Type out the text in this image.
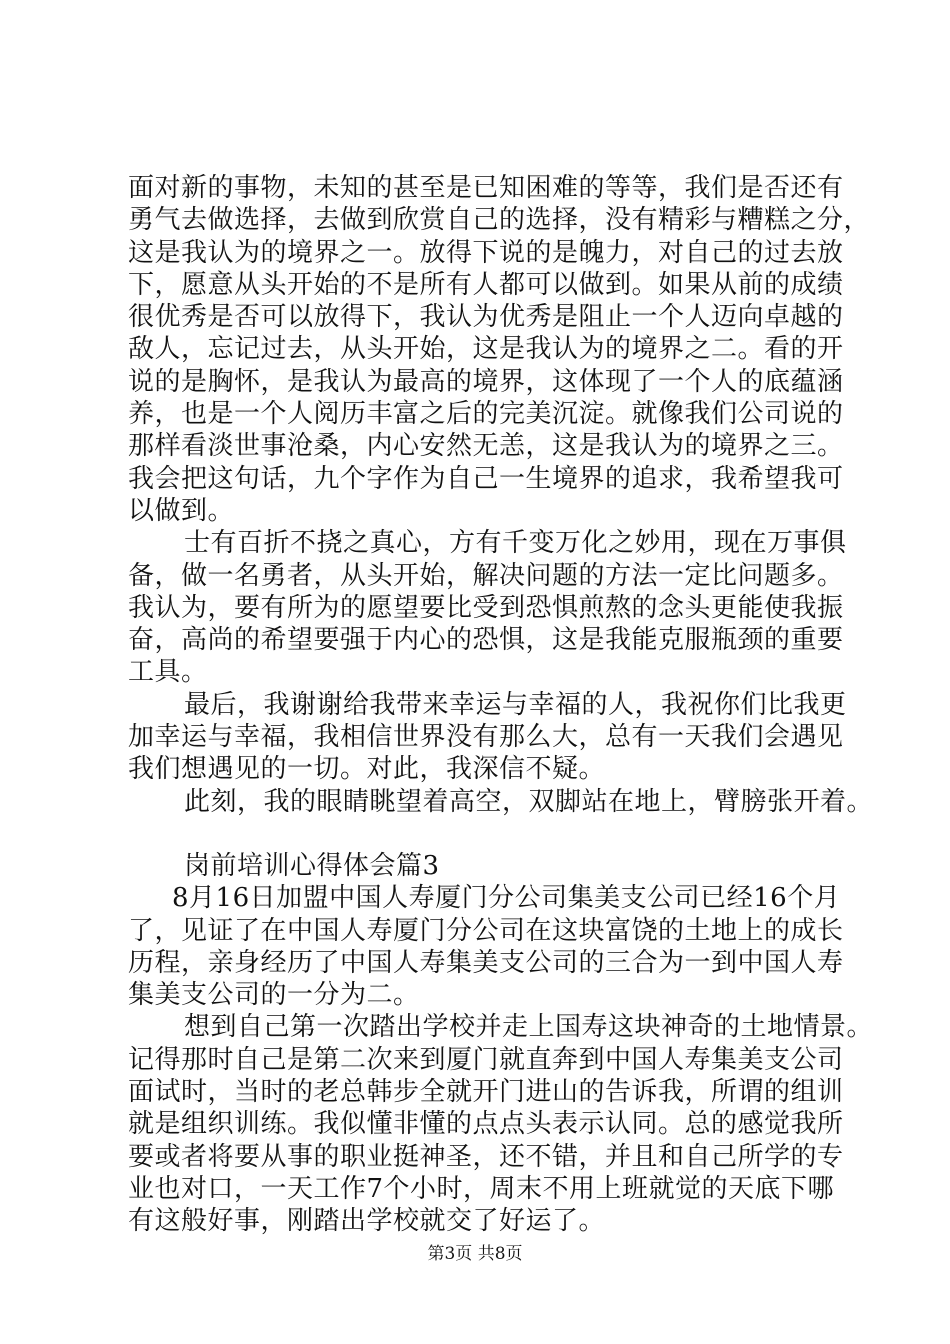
面对新的事物，未知的甚至是已知困难的等等，我们是否还有
勇气去做选择，去做到欣赏自己的选择，没有精彩与糟糕之分，
这是我认为的境界之一。放得下说的是魄力，对自己的过去放
下，愿意从头开始的不是所有人都可以做到。如果从前的成绩
很优秀是否可以放得下，我认为优秀是阻止一个人迈向卓越的
敌人，忘记过去，从头开始，这是我认为的境界之二。看的开
说的是胸怀，是我认为最高的境界，这体现了一个人的底蕴涵
养，也是一个人阅历丰富之后的完美沉淀。就像我们公司说的
那样看淡世事沧桑，内心安然无恙，这是我认为的境界之三。
我会把这句话，九个字作为自己一生境界的追求，我希望我可
以做到。
士有百折不挠之真心，方有千变万化之妙用，现在万事俱
备，做一名勇者，从头开始，解决问题的方法一定比问题多。
我认为，要有所为的愿望要比受到恐惧煎熬的念头更能使我振
奋，高尚的希望要强于内心的恐惧，这是我能克服瓶颈的重要
工具。
最后，我谢谢给我带来幸运与幸福的人，我祝你们比我更
加幸运与幸福，我相信世界没有那么大，总有一天我们会遇见
我们想遇见的一切。对此，我深信不疑。
此刻，我的眼睛眺望着高空，双脚站在地上，臂膀张开着。
岗前培训心得体会篇3
8月16日加盟中国人寿厦门分公司集美支公司已经16个月
了，见证了在中国人寿厦门分公司在这块富饶的土地上的成长
历程，亲身经历了中国人寿集美支公司的三合为一到中国人寿
集美支公司的一分为二。
想到自己第一次踏出学校并走上国寿这块神奇的土地情景。
记得那时自己是第二次来到厦门就直奔到中国人寿集美支公司
面试时，当时的老总韩步全就开门进山的告诉我，所谓的组训
就是组织训练。我似懂非懂的点点头表示认同。总的感觉我所
要或者将要从事的职业挺神圣，还不错，并且和自己所学的专
业也对口，一天工作7个小时，周末不用上班就觉的天底下哪
有这般好事，刚踏出学校就交了好运了。
第3页 共8页
